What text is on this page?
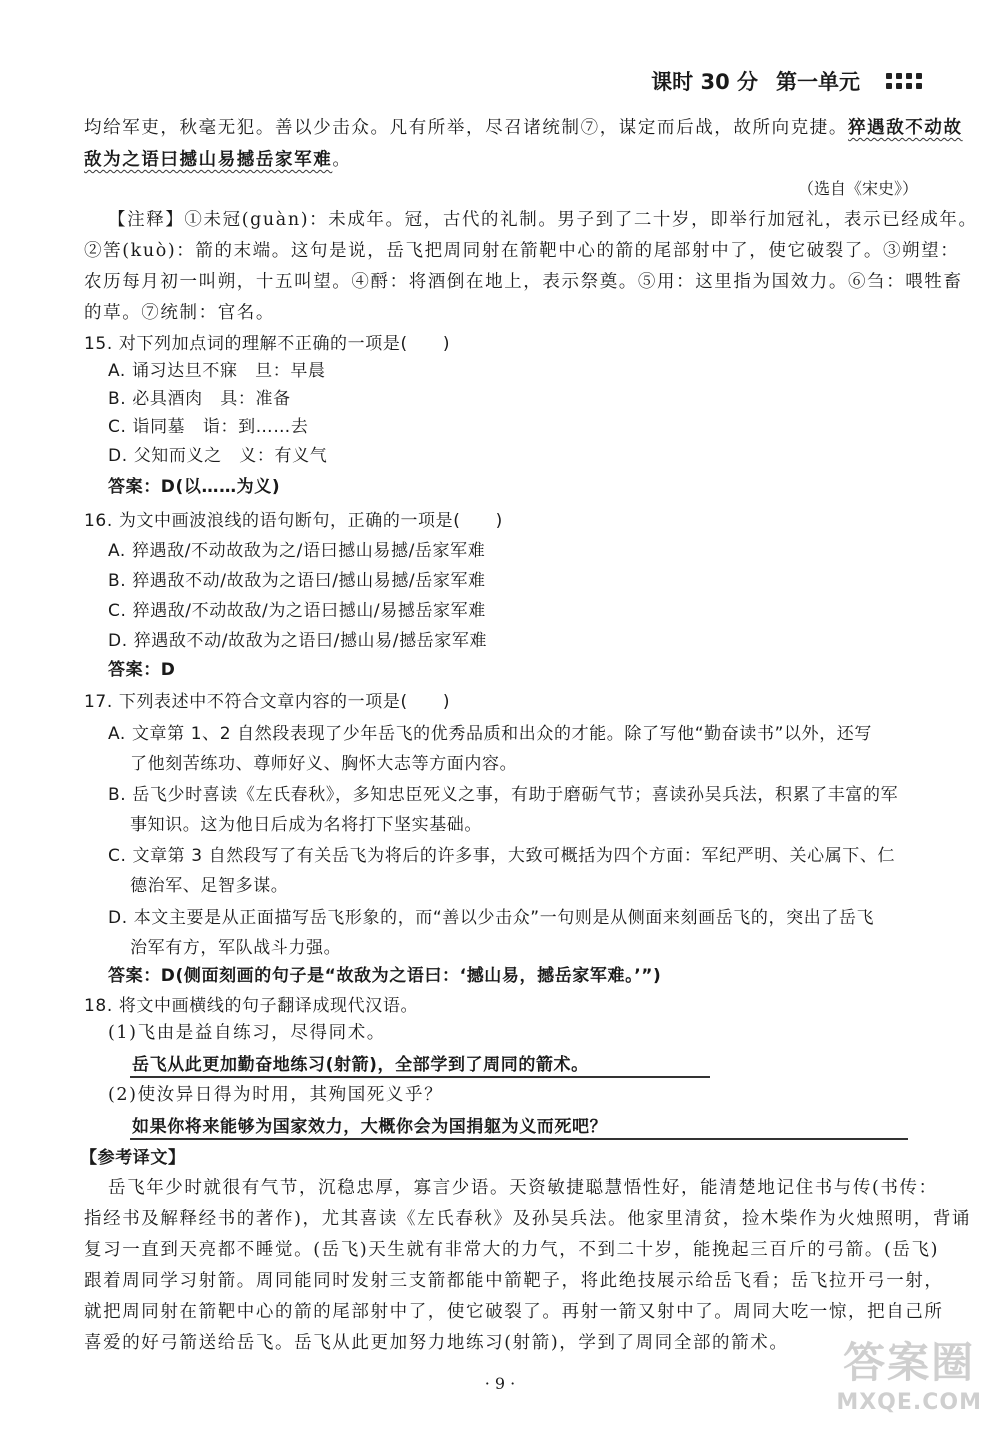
课时 30 分 第一单元
均给军吏，秋毫无犯。善以少击众。凡有所举，尽召诸统制⑦，谋定而后战，故所向克捷。猝遇敌不动故
敌为之语曰撼山易撼岳家军难。
（选自《宋史》）
【注释】①未冠(guàn)：未成年。冠，古代的礼制。男子到了二十岁，即举行加冠礼，表示已经成年。
②筈(kuò)：箭的末端。这句是说，岳飞把周同射在箭靶中心的箭的尾部射中了，使它破裂了。③朔望：
农历每月初一叫朔，十五叫望。④酹：将酒倒在地上，表示祭奠。⑤用：这里指为国效力。⑥刍：喂牲畜
的草。⑦统制：官名。
15. 对下列加点词的理解不正确的一项是(　　)
A. 诵习达旦不寐　旦：早晨
B. 必具酒肉　具：准备
C. 诣同墓　诣：到……去
D. 父知而义之　义：有义气
答案：D(以……为义)
16. 为文中画波浪线的语句断句，正确的一项是(　　)
A. 猝遇敌/不动故敌为之/语曰撼山易撼/岳家军难
B. 猝遇敌不动/故敌为之语曰/撼山易撼/岳家军难
C. 猝遇敌/不动故敌/为之语曰撼山/易撼岳家军难
D. 猝遇敌不动/故敌为之语曰/撼山易/撼岳家军难
答案：D
17. 下列表述中不符合文章内容的一项是(　　)
A. 文章第 1、2 自然段表现了少年岳飞的优秀品质和出众的才能。除了写他“勤奋读书”以外，还写
了他刻苦练功、尊师好义、胸怀大志等方面内容。
B. 岳飞少时喜读《左氏春秋》，多知忠臣死义之事，有助于磨砺气节；喜读孙吴兵法，积累了丰富的军
事知识。这为他日后成为名将打下坚实基础。
C. 文章第 3 自然段写了有关岳飞为将后的许多事，大致可概括为四个方面：军纪严明、关心属下、仁
德治军、足智多谋。
D. 本文主要是从正面描写岳飞形象的，而“善以少击众”一句则是从侧面来刻画岳飞的，突出了岳飞
治军有方，军队战斗力强。
答案：D(侧面刻画的句子是“故敌为之语曰：‘撼山易，撼岳家军难。’”)
18. 将文中画横线的句子翻译成现代汉语。
(1)飞由是益自练习，尽得同术。
岳飞从此更加勤奋地练习(射箭)，全部学到了周同的箭术。
(2)使汝异日得为时用，其殉国死义乎？
如果你将来能够为国家效力，大概你会为国捐躯为义而死吧？
【参考译文】
岳飞年少时就很有气节，沉稳忠厚，寡言少语。天资敏捷聪慧悟性好，能清楚地记住书与传(书传：
指经书及解释经书的著作)，尤其喜读《左氏春秋》及孙吴兵法。他家里清贫，捡木柴作为火烛照明，背诵
复习一直到天亮都不睡觉。(岳飞)天生就有非常大的力气，不到二十岁，能挽起三百斤的弓箭。(岳飞)
跟着周同学习射箭。周同能同时发射三支箭都能中箭靶子，将此绝技展示给岳飞看；岳飞拉开弓一射，
就把周同射在箭靶中心的箭的尾部射中了，使它破裂了。再射一箭又射中了。周同大吃一惊，把自己所
喜爱的好弓箭送给岳飞。岳飞从此更加努力地练习(射箭)，学到了周同全部的箭术。
· 9 ·	答案圈
MXQE.COM
